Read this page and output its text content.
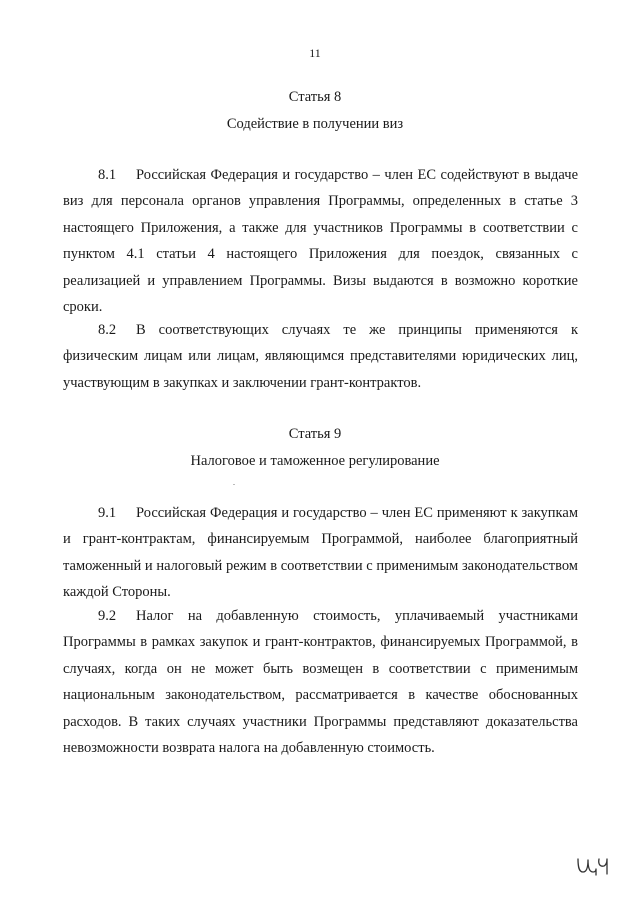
11
Статья 8
Содействие в получении виз

8.1 Российская Федерация и государство – член ЕС содействуют в выдаче виз для персонала органов управления Программы, определенных в статье 3 настоящего Приложения, а также для участников Программы в соответствии с пунктом 4.1 статьи 4 настоящего Приложения для поездок, связанных с реализацией и управлением Программы. Визы выдаются в возможно короткие сроки.

8.2 В соответствующих случаях те же принципы применяются к физическим лицам или лицам, являющимся представителями юридических лиц, участвующим в закупках и заключении грант-контрактов.

Статья 9
Налоговое и таможенное регулирование

9.1 Российская Федерация и государство – член ЕС применяют к закупкам и грант-контрактам, финансируемым Программой, наиболее благоприятный таможенный и налоговый режим в соответствии с применимым законодательством каждой Стороны.

9.2 Налог на добавленную стоимость, уплачиваемый участниками Программы в рамках закупок и грант-контрактов, финансируемых Программой, в случаях, когда он не может быть возмещен в соответствии с применимым национальным законодательством, рассматривается в качестве обоснованных расходов. В таких случаях участники Программы представляют доказательства невозможности возврата налога на добавленную стоимость.
